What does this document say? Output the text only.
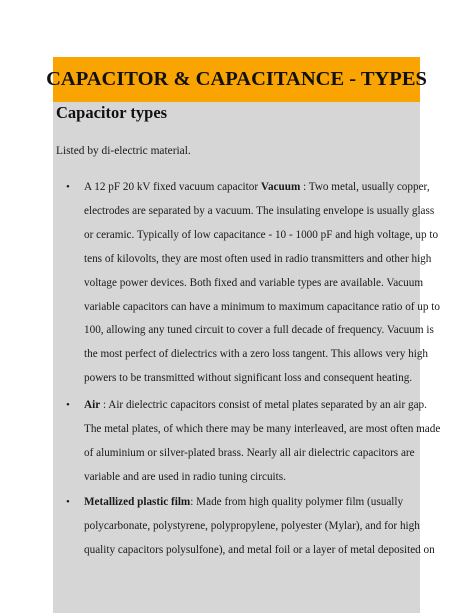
CAPACITOR & CAPACITANCE - TYPES
Capacitor types
Listed by di-electric material.
• A 12 pF 20 kV fixed vacuum capacitor Vacuum : Two metal, usually copper,
electrodes are separated by a vacuum. The insulating envelope is usually glass
or ceramic. Typically of low capacitance - 10 - 1000 pF and high voltage, up to
tens of kilovolts, they are most often used in radio transmitters and other high
voltage power devices. Both fixed and variable types are available. Vacuum
variable capacitors can have a minimum to maximum capacitance ratio of up to
100, allowing any tuned circuit to cover a full decade of frequency. Vacuum is
the most perfect of dielectrics with a zero loss tangent. This allows very high
powers to be transmitted without significant loss and consequent heating.
• Air : Air dielectric capacitors consist of metal plates separated by an air gap.
The metal plates, of which there may be many interleaved, are most often made
of aluminium or silver-plated brass. Nearly all air dielectric capacitors are
variable and are used in radio tuning circuits.
• Metallized plastic film: Made from high quality polymer film (usually
polycarbonate, polystyrene, polypropylene, polyester (Mylar), and for high
quality capacitors polysulfone), and metal foil or a layer of metal deposited on
